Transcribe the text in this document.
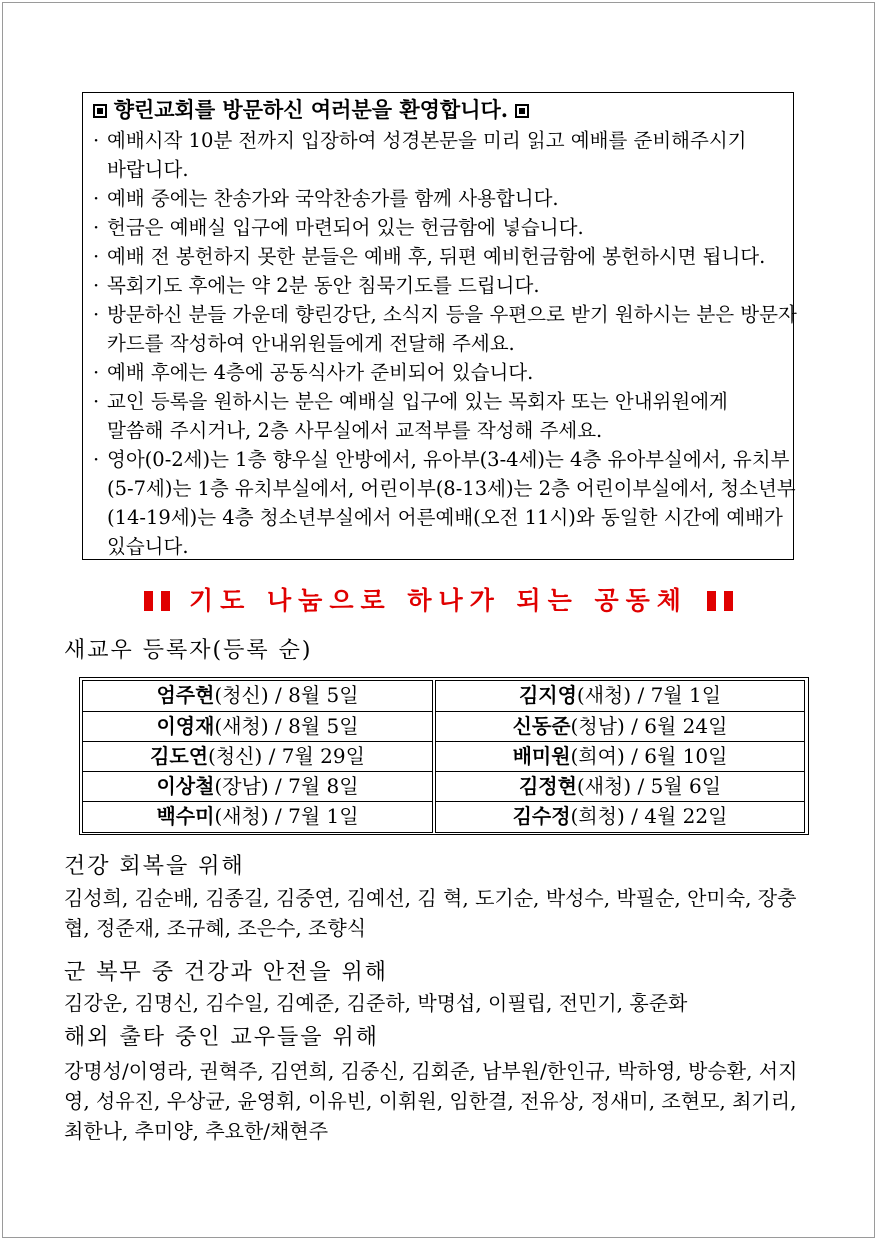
향린교회를 방문하신 여러분을 환영합니다.
· 예배시작 10분 전까지 입장하여 성경본문을 미리 읽고 예배를 준비해주시기
바랍니다.
· 예배 중에는 찬송가와 국악찬송가를 함께 사용합니다.
· 헌금은 예배실 입구에 마련되어 있는 헌금함에 넣습니다.
· 예배 전 봉헌하지 못한 분들은 예배 후, 뒤편 예비헌금함에 봉헌하시면 됩니다.
· 목회기도 후에는 약 2분 동안 침묵기도를 드립니다.
· 방문하신 분들 가운데 향린강단, 소식지 등을 우편으로 받기 원하시는 분은 방문자
카드를 작성하여 안내위원들에게 전달해 주세요.
· 예배 후에는 4층에 공동식사가 준비되어 있습니다.
· 교인 등록을 원하시는 분은 예배실 입구에 있는 목회자 또는 안내위원에게
말씀해 주시거나, 2층 사무실에서 교적부를 작성해 주세요.
· 영아(0-2세)는 1층 향우실 안방에서, 유아부(3-4세)는 4층 유아부실에서, 유치부
(5-7세)는 1층 유치부실에서, 어린이부(8-13세)는 2층 어린이부실에서, 청소년부
(14-19세)는 4층 청소년부실에서 어른예배(오전 11시)와 동일한 시간에 예배가
있습니다.
기도 나눔으로 하나가 되는 공동체
새교우 등록자(등록 순)
엄주현(청신) / 8월 5일
이영재(새청) / 8월 5일
김도연(청신) / 7월 29일
이상철(장남) / 7월 8일
백수미(새청) / 7월 1일
김지영(새청) / 7월 1일
신동준(청남) / 6월 24일
배미원(희여) / 6월 10일
김정현(새청) / 5월 6일
김수정(희청) / 4월 22일
건강 회복을 위해
김성희, 김순배, 김종길, 김중연, 김예선, 김 혁, 도기순, 박성수, 박필순, 안미숙, 장충협, 정준재, 조규혜, 조은수, 조향식
군 복무 중 건강과 안전을 위해
김강운, 김명신, 김수일, 김예준, 김준하, 박명섭, 이필립, 전민기, 홍준화
해외 출타 중인 교우들을 위해
강명성/이영라, 권혁주, 김연희, 김중신, 김회준, 남부원/한인규, 박하영, 방승환, 서지영, 성유진, 우상균, 윤영휘, 이유빈, 이휘원, 임한결, 전유상, 정새미, 조현모, 최기리, 최한나, 추미양, 추요한/채현주
